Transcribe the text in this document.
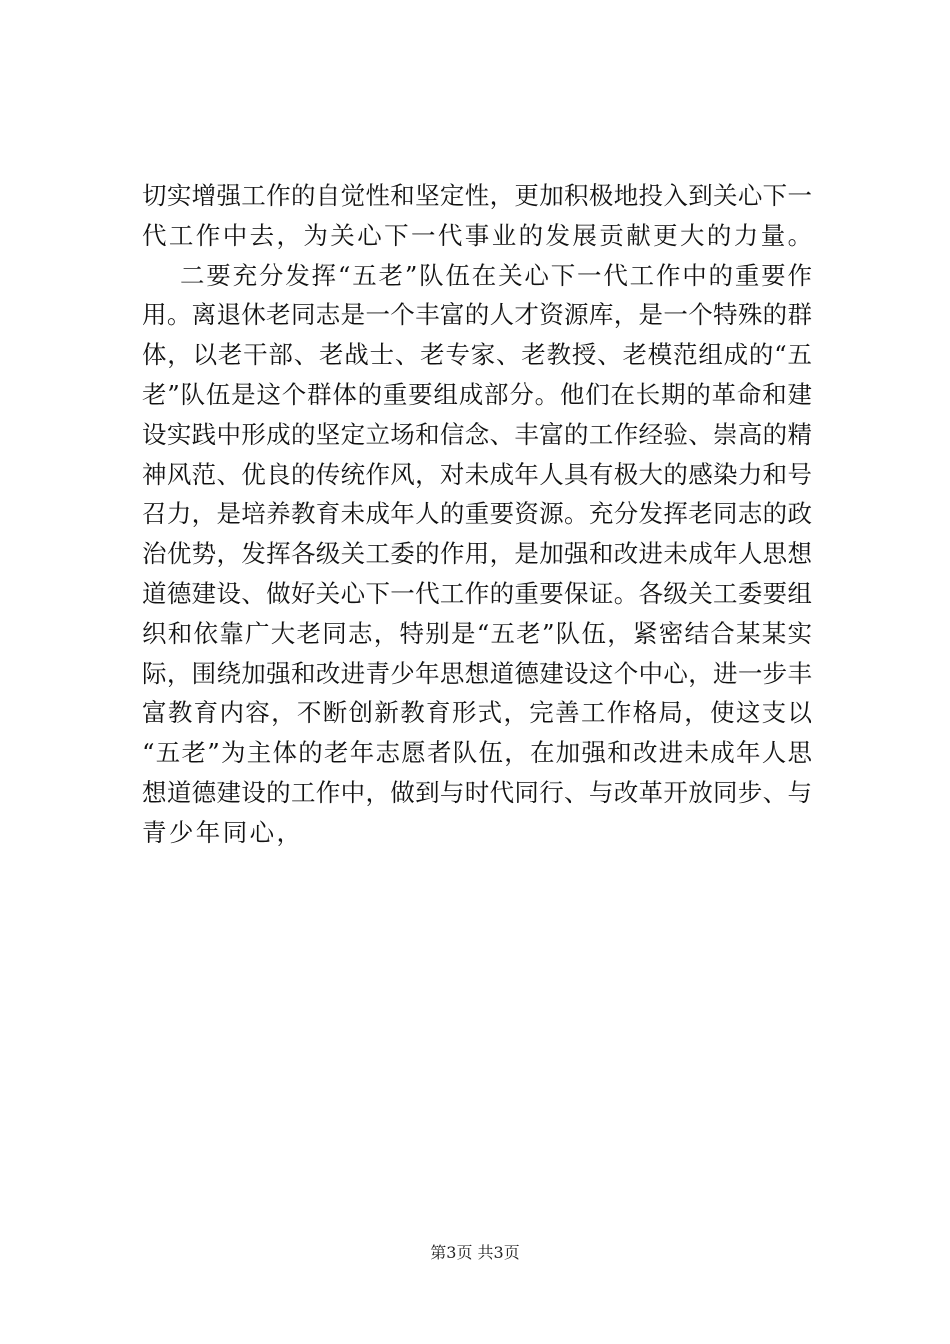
切实增强工作的自觉性和坚定性，更加积极地投入到关心下一
代工作中去，为关心下一代事业的发展贡献更大的力量。
二要充分发挥“五老”队伍在关心下一代工作中的重要作
用。离退休老同志是一个丰富的人才资源库，是一个特殊的群
体，以老干部、老战士、老专家、老教授、老模范组成的“五
老”队伍是这个群体的重要组成部分。他们在长期的革命和建
设实践中形成的坚定立场和信念、丰富的工作经验、崇高的精
神风范、优良的传统作风，对未成年人具有极大的感染力和号
召力，是培养教育未成年人的重要资源。充分发挥老同志的政
治优势，发挥各级关工委的作用，是加强和改进未成年人思想
道德建设、做好关心下一代工作的重要保证。各级关工委要组
织和依靠广大老同志，特别是“五老”队伍，紧密结合某某实
际，围绕加强和改进青少年思想道德建设这个中心，进一步丰
富教育内容，不断创新教育形式，完善工作格局，使这支以
“五老”为主体的老年志愿者队伍，在加强和改进未成年人思
想道德建设的工作中，做到与时代同行、与改革开放同步、与
青少年同心，
第3页 共3页
